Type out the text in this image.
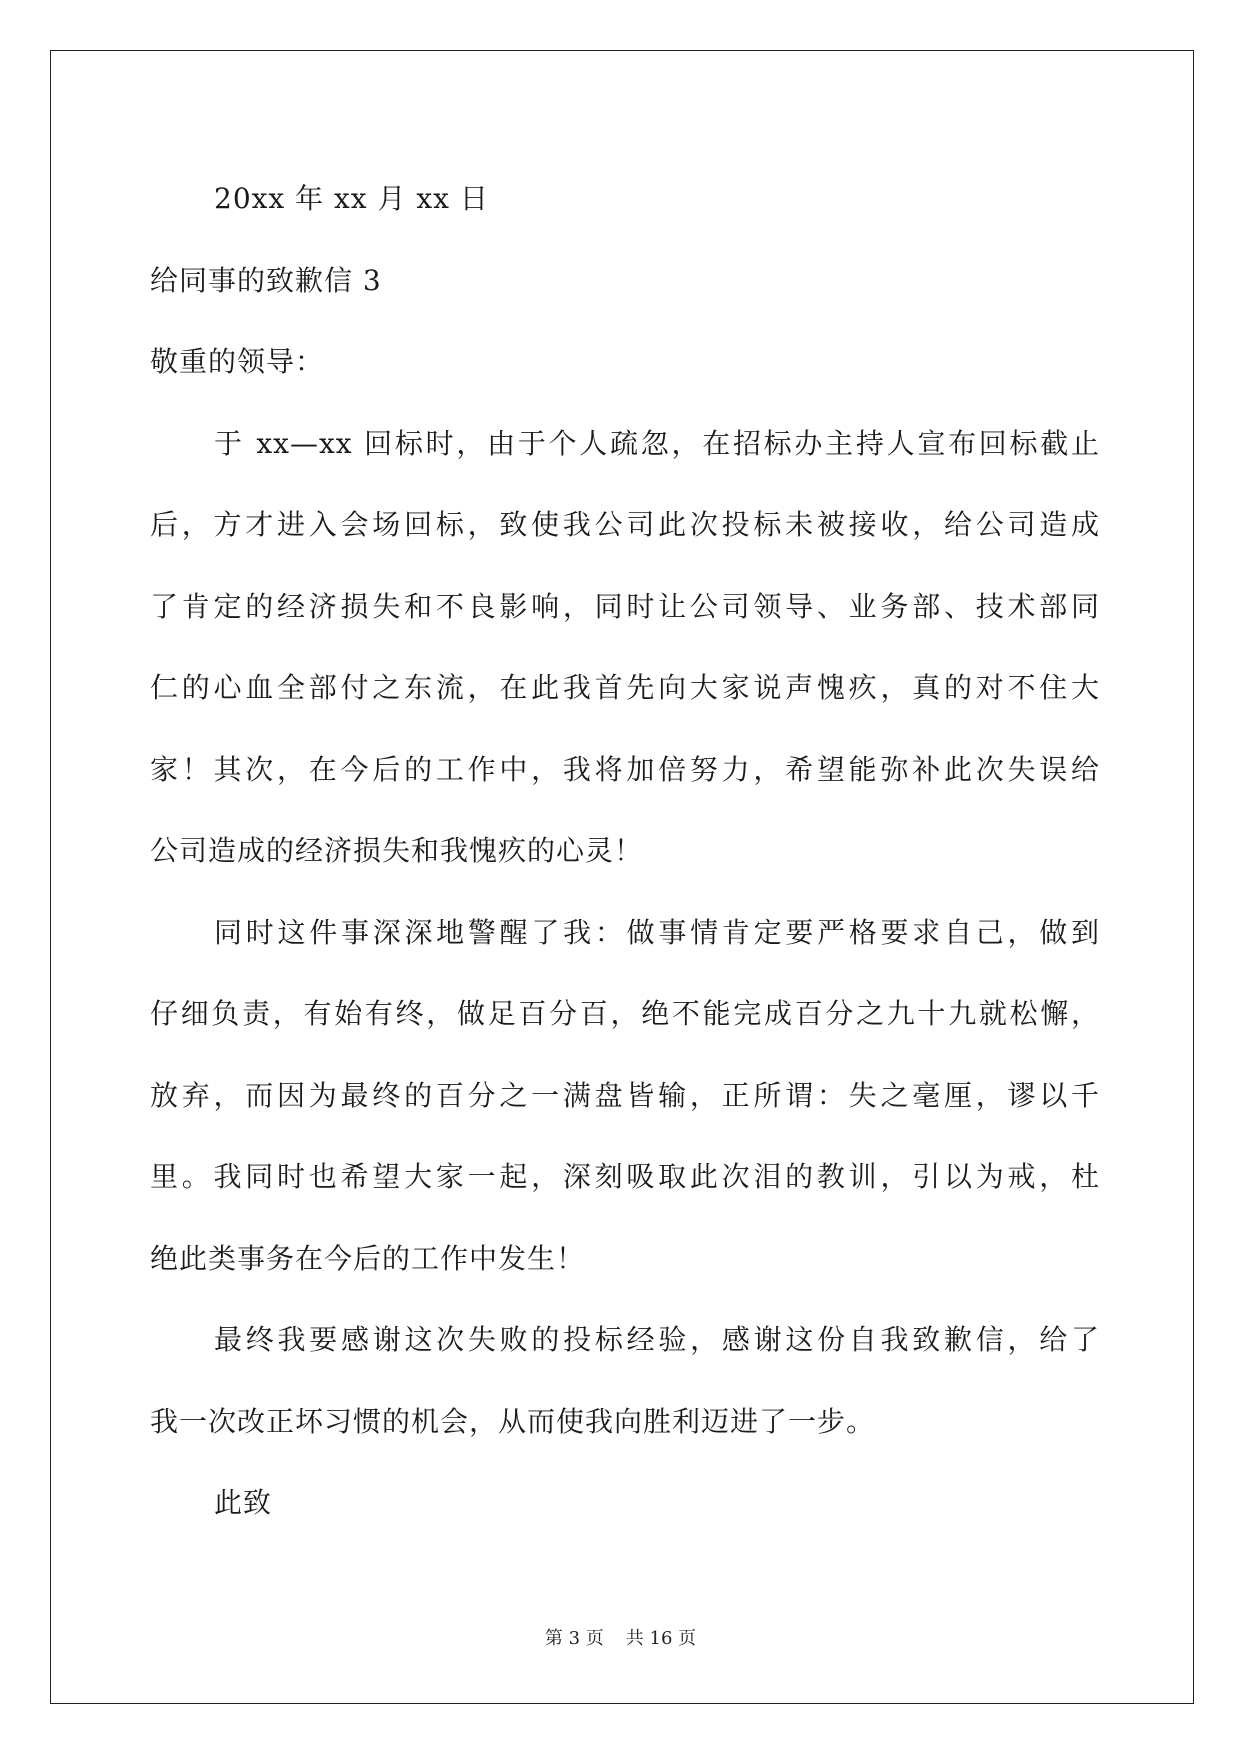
20xx 年 xx 月 xx 日
给同事的致歉信 3
敬重的领导：
于 xx—xx 回标时，由于个人疏忽，在招标办主持人宣布回标截止
后，方才进入会场回标，致使我公司此次投标未被接收，给公司造成
了肯定的经济损失和不良影响，同时让公司领导、业务部、技术部同
仁的心血全部付之东流，在此我首先向大家说声愧疚，真的对不住大
家！其次，在今后的工作中，我将加倍努力，希望能弥补此次失误给
公司造成的经济损失和我愧疚的心灵！
同时这件事深深地警醒了我：做事情肯定要严格要求自己，做到
仔细负责，有始有终，做足百分百，绝不能完成百分之九十九就松懈，
放弃，而因为最终的百分之一满盘皆输，正所谓：失之毫厘，谬以千
里。我同时也希望大家一起，深刻吸取此次泪的教训，引以为戒，杜
绝此类事务在今后的工作中发生！
最终我要感谢这次失败的投标经验，感谢这份自我致歉信，给了
我一次改正坏习惯的机会，从而使我向胜利迈进了一步。
此致
第 3 页 共 16 页
